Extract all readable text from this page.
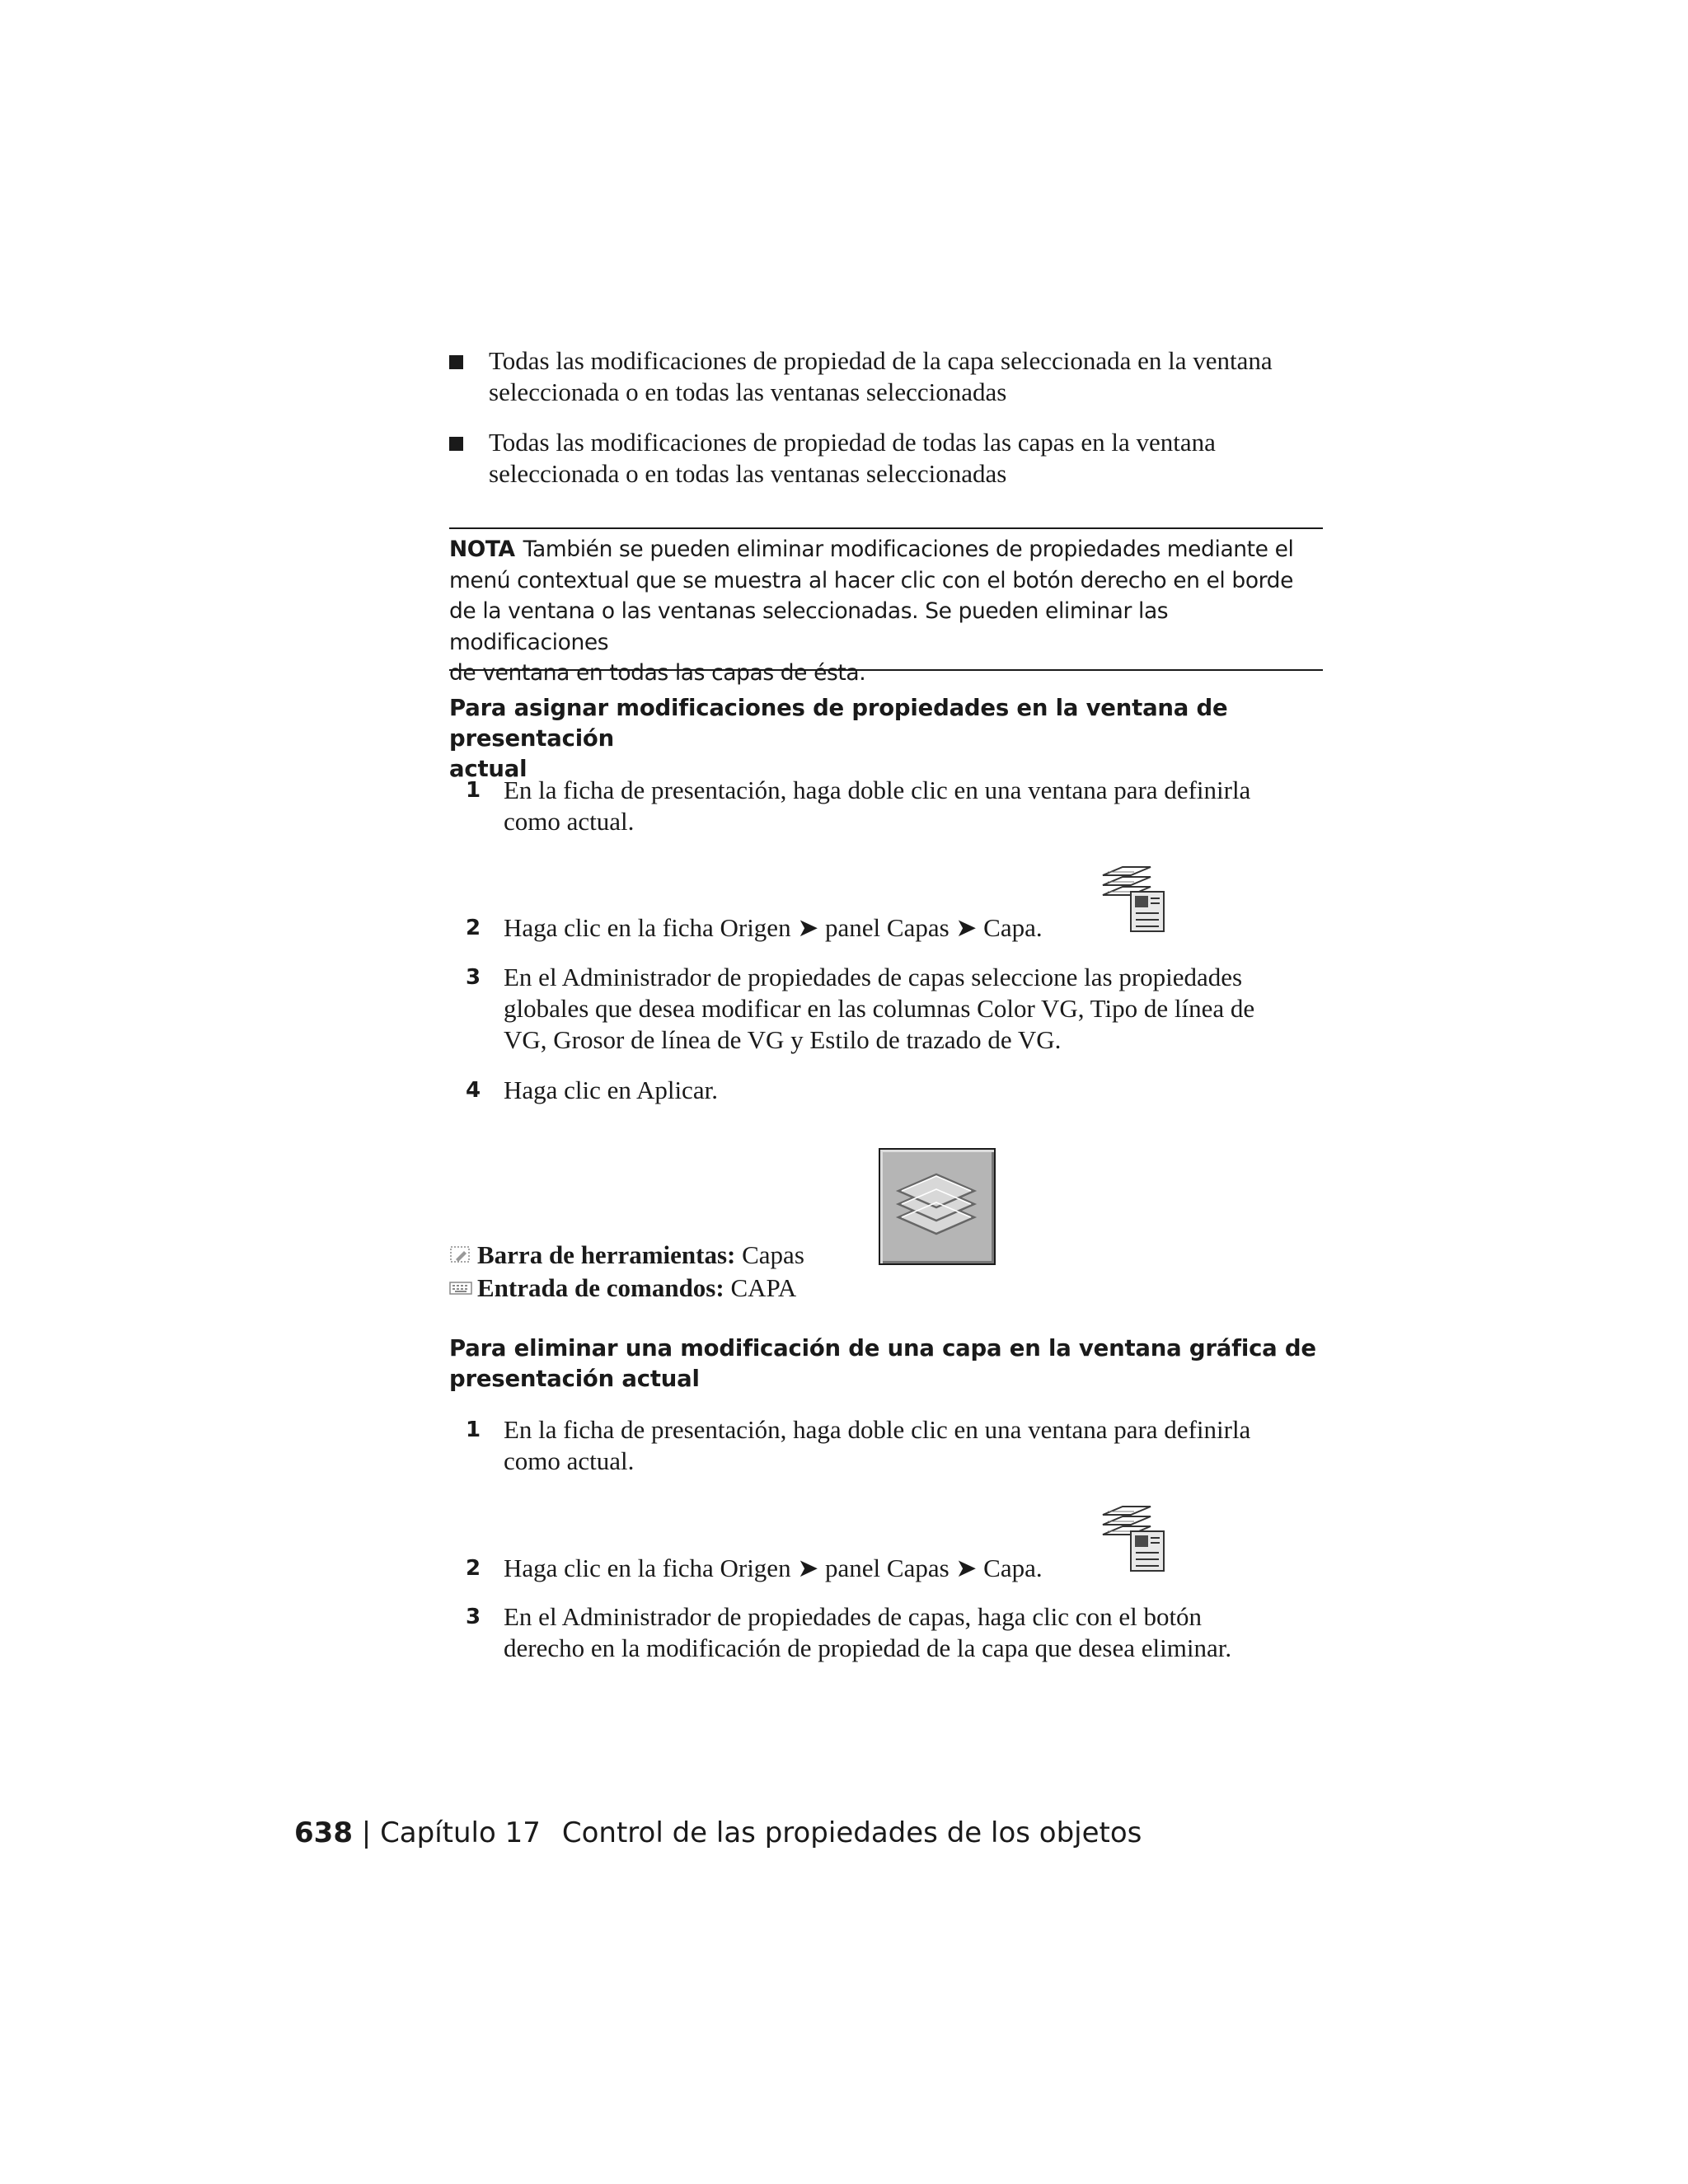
Todas las modificaciones de propiedad de la capa seleccionada en la ventana
seleccionada o en todas las ventanas seleccionadas
Todas las modificaciones de propiedad de todas las capas en la ventana
seleccionada o en todas las ventanas seleccionadas
NOTA También se pueden eliminar modificaciones de propiedades mediante el
menú contextual que se muestra al hacer clic con el botón derecho en el borde
de la ventana o las ventanas seleccionadas. Se pueden eliminar las modificaciones
de ventana en todas las capas de ésta.
Para asignar modificaciones de propiedades en la ventana de presentación
actual
1 En la ficha de presentación, haga doble clic en una ventana para definirla
como actual.
2 Haga clic en la ficha Origen ➤ panel Capas ➤ Capa.
3 En el Administrador de propiedades de capas seleccione las propiedades
globales que desea modificar en las columnas Color VG, Tipo de línea de
VG, Grosor de línea de VG y Estilo de trazado de VG.
4 Haga clic en Aplicar.
Barra de herramientas: Capas
Entrada de comandos: CAPA
Para eliminar una modificación de una capa en la ventana gráfica de
presentación actual
1 En la ficha de presentación, haga doble clic en una ventana para definirla
como actual.
2 Haga clic en la ficha Origen ➤ panel Capas ➤ Capa.
3 En el Administrador de propiedades de capas, haga clic con el botón
derecho en la modificación de propiedad de la capa que desea eliminar.
638 | Capítulo 17 Control de las propiedades de los objetos
